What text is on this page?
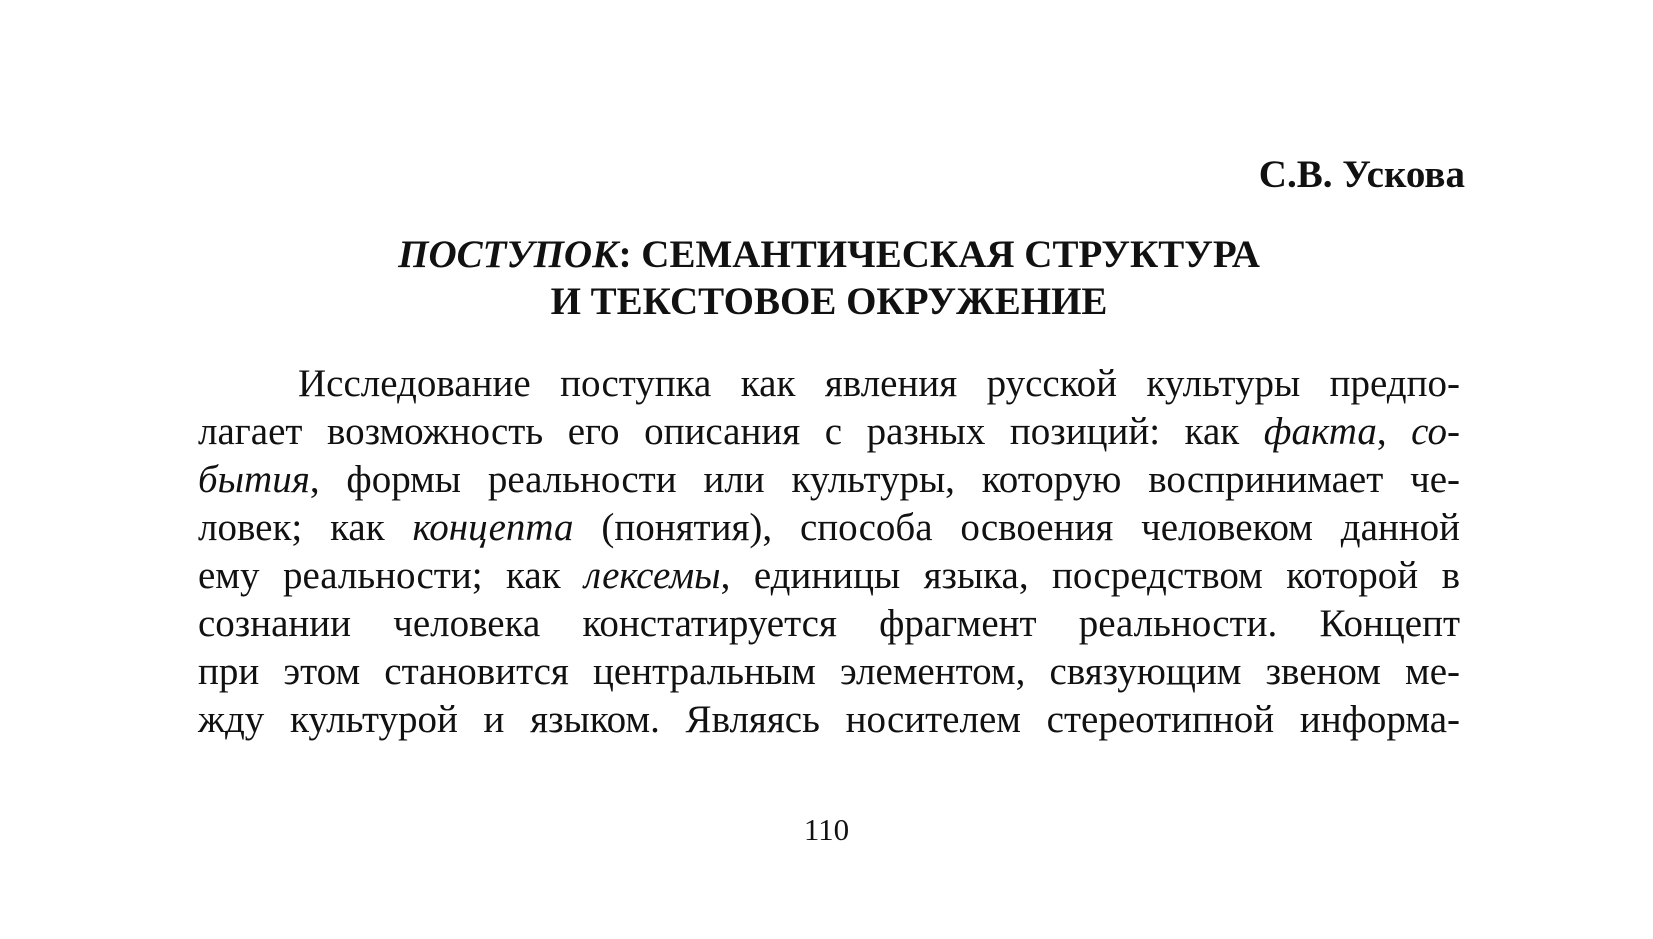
С.В. Ускова
ПОСТУПОК: СЕМАНТИЧЕСКАЯ СТРУКТУРА
И ТЕКСТОВОЕ ОКРУЖЕНИЕ
Исследование поступка как явления русской культуры предпо-
лагает возможность его описания с разных позиций: как факта, со-
бытия, формы реальности или культуры, которую воспринимает че-
ловек; как концепта (понятия), способа освоения человеком данной
ему реальности; как лексемы, единицы языка, посредством которой в
сознании человека констатируется фрагмент реальности. Концепт
при этом становится центральным элементом, связующим звеном ме-
жду культурой и языком. Являясь носителем стереотипной информа-
110
